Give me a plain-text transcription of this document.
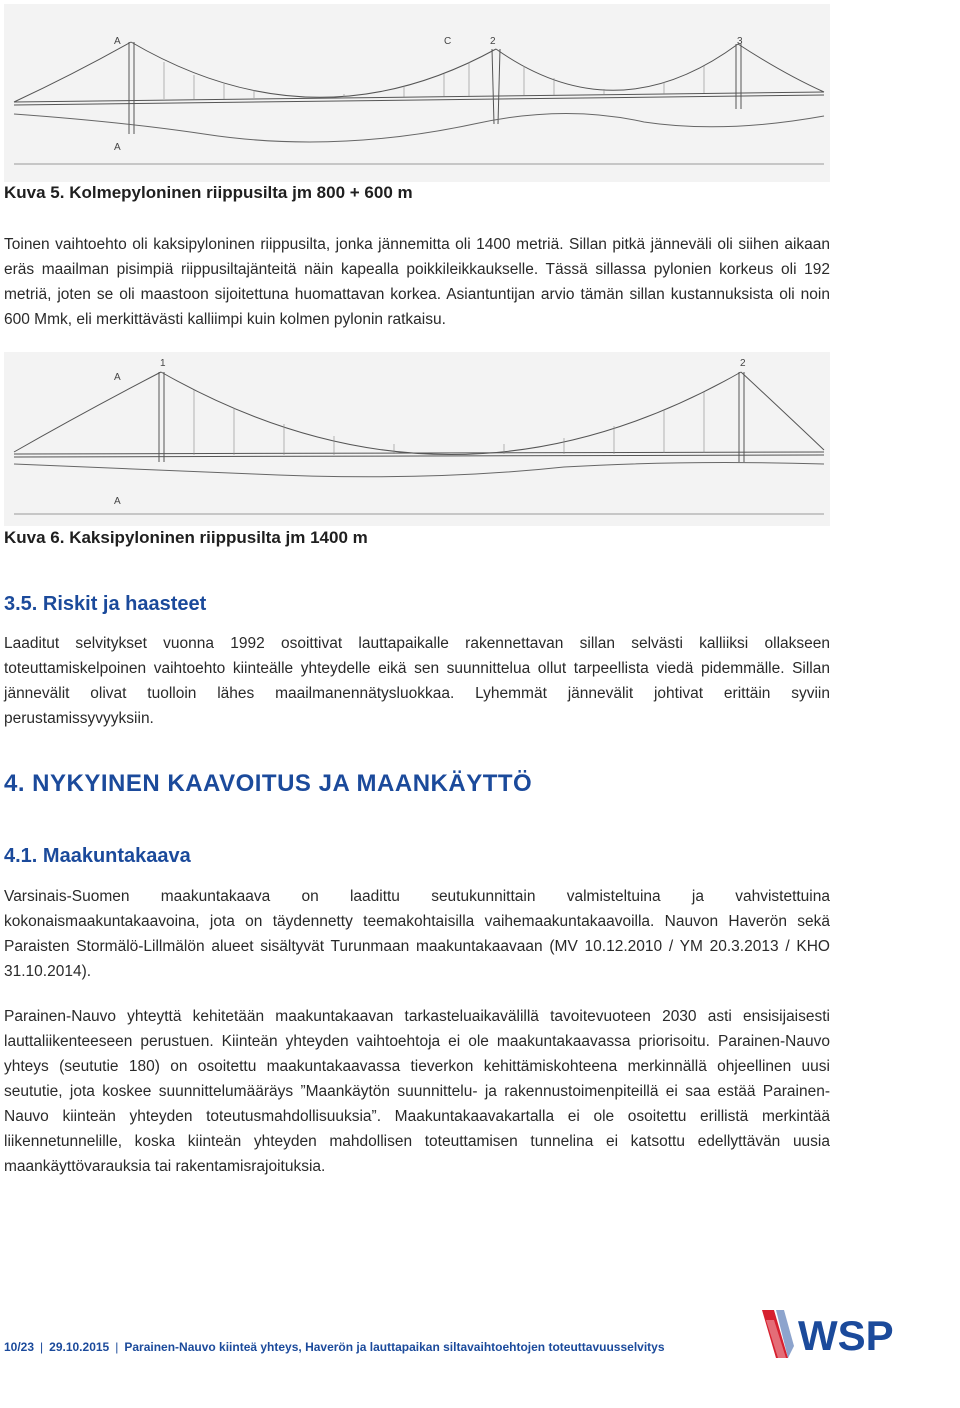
A
A
C	2	3
Kuva 5. Kolmepyloninen riippusilta jm 800 + 600 m
Toinen vaihtoehto oli kaksipyloninen riippusilta, jonka jännemitta oli 1400 metriä. Sillan pitkä jänneväli oli siihen aikaan eräs maailman pisimpiä riippusiltajänteitä näin kapealla poikkileikkaukselle. Tässä sillassa pylonien korkeus oli 192 metriä, joten se oli maastoon sijoitettuna huomattavan korkea. Asiantuntijan arvio tämän sillan kustannuksista oli noin 600 Mmk, eli merkittävästi kalliimpi kuin kolmen pylonin ratkaisu.
A
1	2
A
Kuva 6. Kaksipyloninen riippusilta jm 1400 m
3.5. Riskit ja haasteet
Laaditut selvitykset vuonna 1992 osoittivat lauttapaikalle rakennettavan sillan selvästi kalliiksi ollakseen toteuttamiskelpoinen vaihtoehto kiinteälle yhteydelle eikä sen suunnittelua ollut tarpeellista viedä pidemmälle. Sillan jännevälit olivat tuolloin lähes maailmanennätysluokkaa. Lyhemmät jännevälit johtivat erittäin syviin perustamissyvyyksiin.
4. NYKYINEN KAAVOITUS JA MAANKÄYTTÖ
4.1. Maakuntakaava
Varsinais-Suomen maakuntakaava on laadittu seutukunnittain valmisteltuina ja vahvistettuina kokonaismaakuntakaavoina, jota on täydennetty teemakohtaisilla vaihemaakuntakaavoilla. Nauvon Haverön sekä Paraisten Stormälö-Lillmälön alueet sisältyvät Turunmaan maakuntakaavaan (MV 10.12.2010 / YM 20.3.2013 / KHO 31.10.2014).
Parainen-Nauvo yhteyttä kehitetään maakuntakaavan tarkasteluaikavälillä tavoitevuoteen 2030 asti ensisijaisesti lauttaliikenteeseen perustuen. Kiinteän yhteyden vaihtoehtoja ei ole maakuntakaavassa priorisoitu. Parainen-Nauvo yhteys (seututie 180) on osoitettu maakuntakaavassa tieverkon kehittämiskohteena merkinnällä ohjeellinen uusi seututie, jota koskee suunnittelumääräys ”Maankäytön suunnittelu- ja rakennustoimenpiteillä ei saa estää Parainen-Nauvo kiinteän yhteyden toteutusmahdollisuuksia”. Maakuntakaavakartalla ei ole osoitettu erillistä merkintää liikennetunnelille, koska kiinteän yhteyden mahdollisen toteuttamisen tunnelina ei katsottu edellyttävän uusia maankäyttövarauksia tai rakentamisrajoituksia.
WSP
10/23 | 29.10.2015 | Parainen-Nauvo kiinteä yhteys, Haverön ja lauttapaikan siltavaihtoehtojen toteuttavuusselvitys
